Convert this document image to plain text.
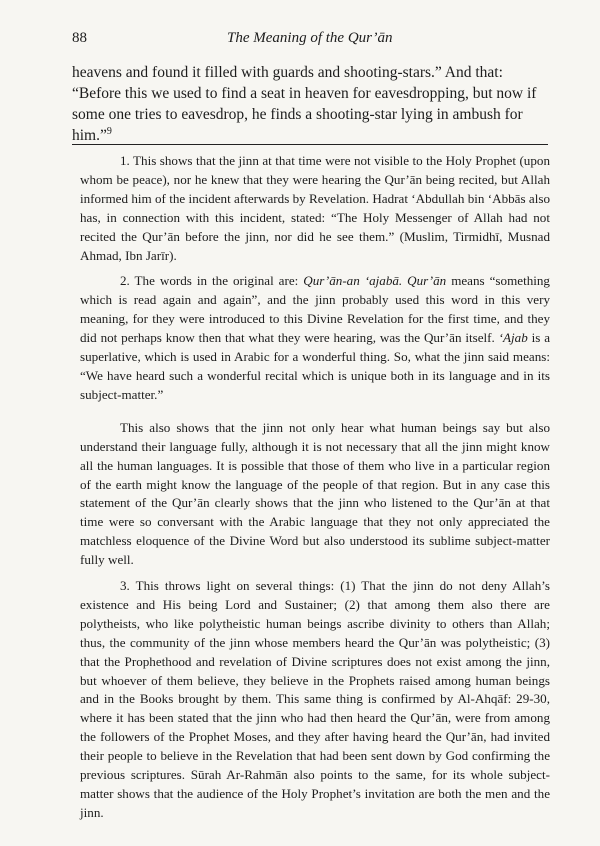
88	The Meaning of the Qur’ān

heavens and found it filled with guards and shooting-stars.” And that: “Before this we used to find a seat in heaven for eavesdropping, but now if some one tries to eavesdrop, he finds a shooting-star lying in ambush for him.”$^9$

1. This shows that the jinn at that time were not visible to the Holy Prophet (upon whom be peace), nor he knew that they were hearing the Qur’ān being recited, but Allah informed him of the incident afterwards by Revelation. Hadrat ‘Abdullah bin ‘Abbās also has, in connection with this incident, stated: “The Holy Messenger of Allah had not recited the Qur’ān before the jinn, nor did he see them.” (Muslim, Tirmidhī, Musnad Ahmad, Ibn Jarīr).

2. The words in the original are: Qur’ān-an ‘ajabā. Qur’ān means “something which is read again and again”, and the jinn probably used this word in this very meaning, for they were introduced to this Divine Revelation for the first time, and they did not perhaps know then that what they were hearing, was the Qur’ān itself. ‘Ajab is a superlative, which is used in Arabic for a wonderful thing. So, what the jinn said means: “We have heard such a wonderful recital which is unique both in its language and in its subject-matter.”

This also shows that the jinn not only hear what human beings say but also understand their language fully, although it is not necessary that all the jinn might know all the human languages. It is possible that those of them who live in a particular region of the earth might know the language of the people of that region. But in any case this statement of the Qur’ān clearly shows that the jinn who listened to the Qur’ān at that time were so conversant with the Arabic language that they not only appreciated the matchless eloquence of the Divine Word but also understood its sublime subject-matter fully well.

3. This throws light on several things: (1) That the jinn do not deny Allah’s existence and His being Lord and Sustainer; (2) that among them also there are polytheists, who like polytheistic human beings ascribe divinity to others than Allah; thus, the community of the jinn whose members heard the Qur’ān was polytheistic; (3) that the Prophethood and revelation of Divine scriptures does not exist among the jinn, but whoever of them believe, they believe in the Prophets raised among human beings and in the Books brought by them. This same thing is confirmed by Al-Ahqāf: 29-30, where it has been stated that the jinn who had then heard the Qur’ān, were from among the followers of the Prophet Moses, and they after having heard the Qur’ān, had invited their people to believe in the Revelation that had been sent down by God confirming the previous scriptures. Sūrah Ar-Rahmān also points to the same, for its whole subject-matter shows that the audience of the Holy Prophet’s invitation are both the men and the jinn.
